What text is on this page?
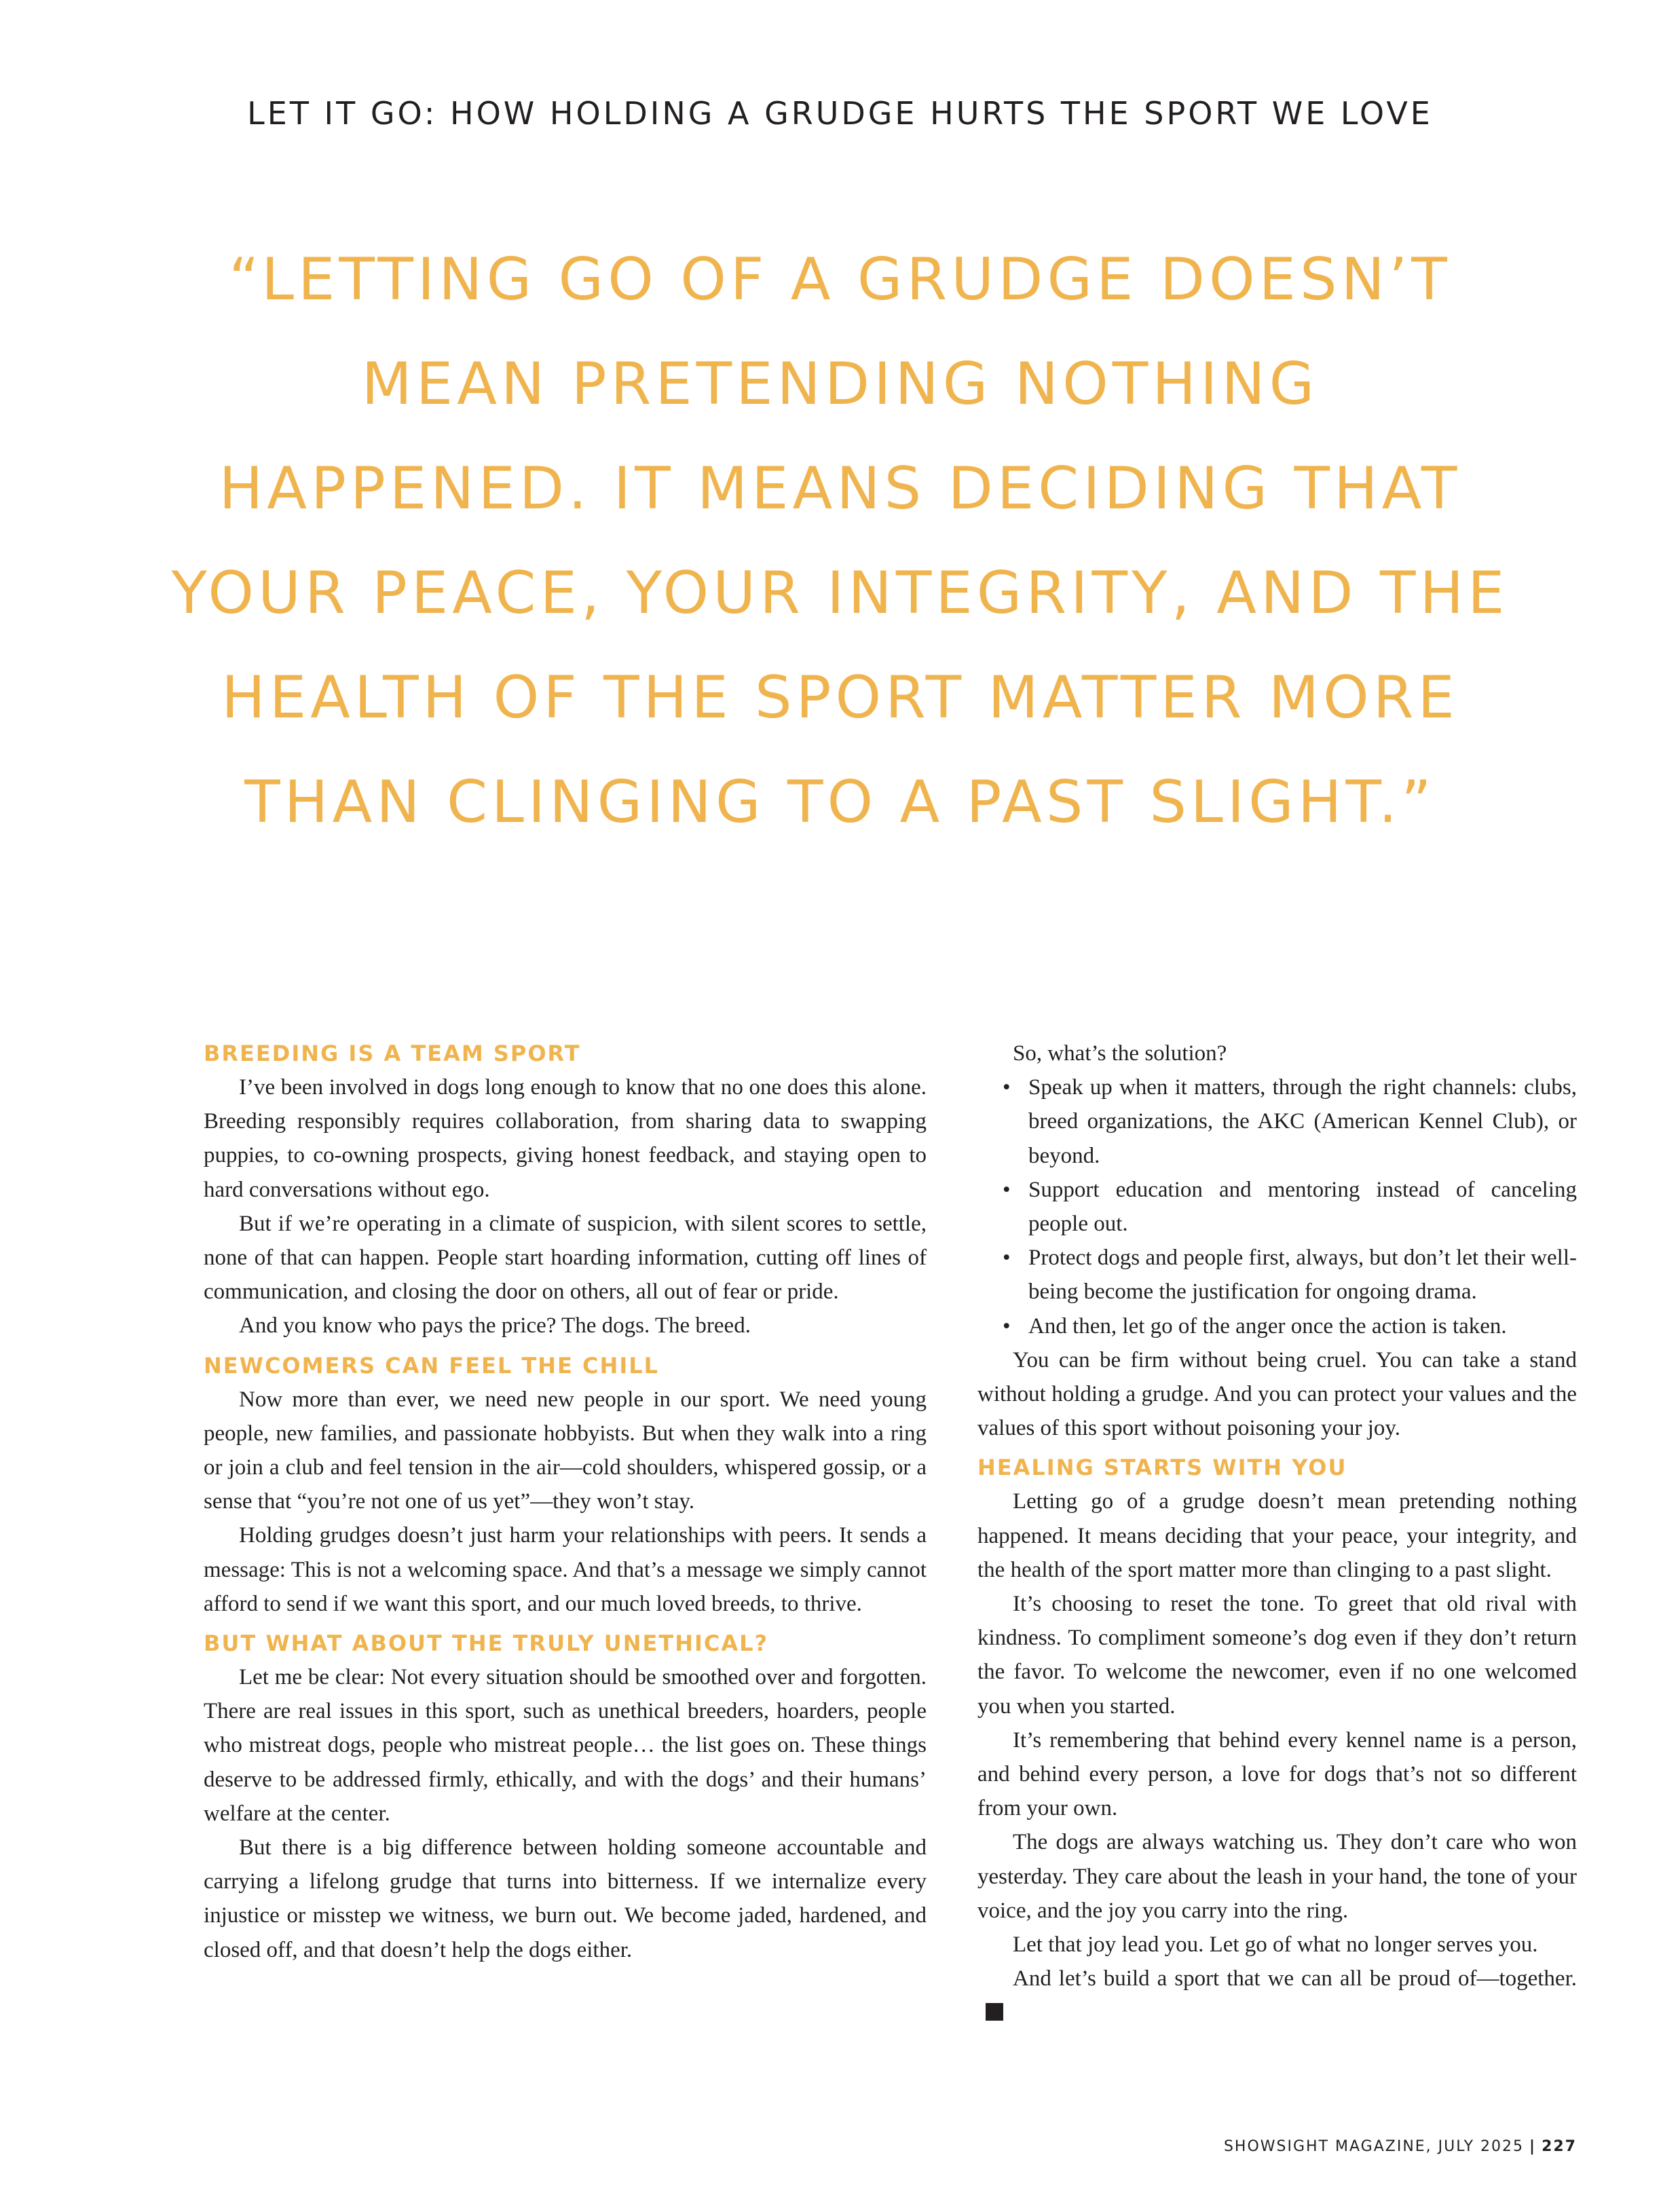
LET IT GO: HOW HOLDING A GRUDGE HURTS THE SPORT WE LOVE

“LETTING GO OF A GRUDGE DOESN’T MEAN PRETENDING NOTHING HAPPENED. IT MEANS DECIDING THAT YOUR PEACE, YOUR INTEGRITY, AND THE HEALTH OF THE SPORT MATTER MORE THAN CLINGING TO A PAST SLIGHT.”

BREEDING IS A TEAM SPORT

I’ve been involved in dogs long enough to know that no one does this alone. Breeding responsibly requires collaboration, from sharing data to swapping puppies, to co-owning prospects, giving honest feedback, and staying open to hard conversations without ego.

But if we’re operating in a climate of suspicion, with silent scores to settle, none of that can happen. People start hoarding information, cutting off lines of communication, and closing the door on others, all out of fear or pride.

And you know who pays the price? The dogs. The breed.

NEWCOMERS CAN FEEL THE CHILL

Now more than ever, we need new people in our sport. We need young people, new families, and passionate hobbyists. But when they walk into a ring or join a club and feel tension in the air—cold shoulders, whispered gossip, or a sense that “you’re not one of us yet”—they won’t stay.

Holding grudges doesn’t just harm your relationships with peers. It sends a message: This is not a welcoming space. And that’s a message we simply cannot afford to send if we want this sport, and our much loved breeds, to thrive.

BUT WHAT ABOUT THE TRULY UNETHICAL?

Let me be clear: Not every situation should be smoothed over and forgotten. There are real issues in this sport, such as unethical breeders, hoarders, people who mistreat dogs, people who mistreat people… the list goes on. These things deserve to be addressed firmly, ethically, and with the dogs’ and their humans’ welfare at the center.

But there is a big difference between holding someone accountable and carrying a lifelong grudge that turns into bitterness. If we internalize every injustice or misstep we witness, we burn out. We become jaded, hardened, and closed off, and that doesn’t help the dogs either.

So, what’s the solution?

• Speak up when it matters, through the right channels: clubs, breed organizations, the AKC (American Kennel Club), or beyond.
• Support education and mentoring instead of canceling people out.
• Protect dogs and people first, always, but don’t let their well-being become the justification for ongoing drama.
• And then, let go of the anger once the action is taken.

You can be firm without being cruel. You can take a stand without holding a grudge. And you can protect your values and the values of this sport without poisoning your joy.

HEALING STARTS WITH YOU

Letting go of a grudge doesn’t mean pretending nothing happened. It means deciding that your peace, your integrity, and the health of the sport matter more than clinging to a past slight.

It’s choosing to reset the tone. To greet that old rival with kindness. To compliment someone’s dog even if they don’t return the favor. To welcome the newcomer, even if no one welcomed you when you started.

It’s remembering that behind every kennel name is a person, and behind every person, a love for dogs that’s not so different from your own.

The dogs are always watching us. They don’t care who won yesterday. They care about the leash in your hand, the tone of your voice, and the joy you carry into the ring.

Let that joy lead you. Let go of what no longer serves you.

And let’s build a sport that we can all be proud of—together.

SHOWSIGHT MAGAZINE, JULY 2025 | 227
